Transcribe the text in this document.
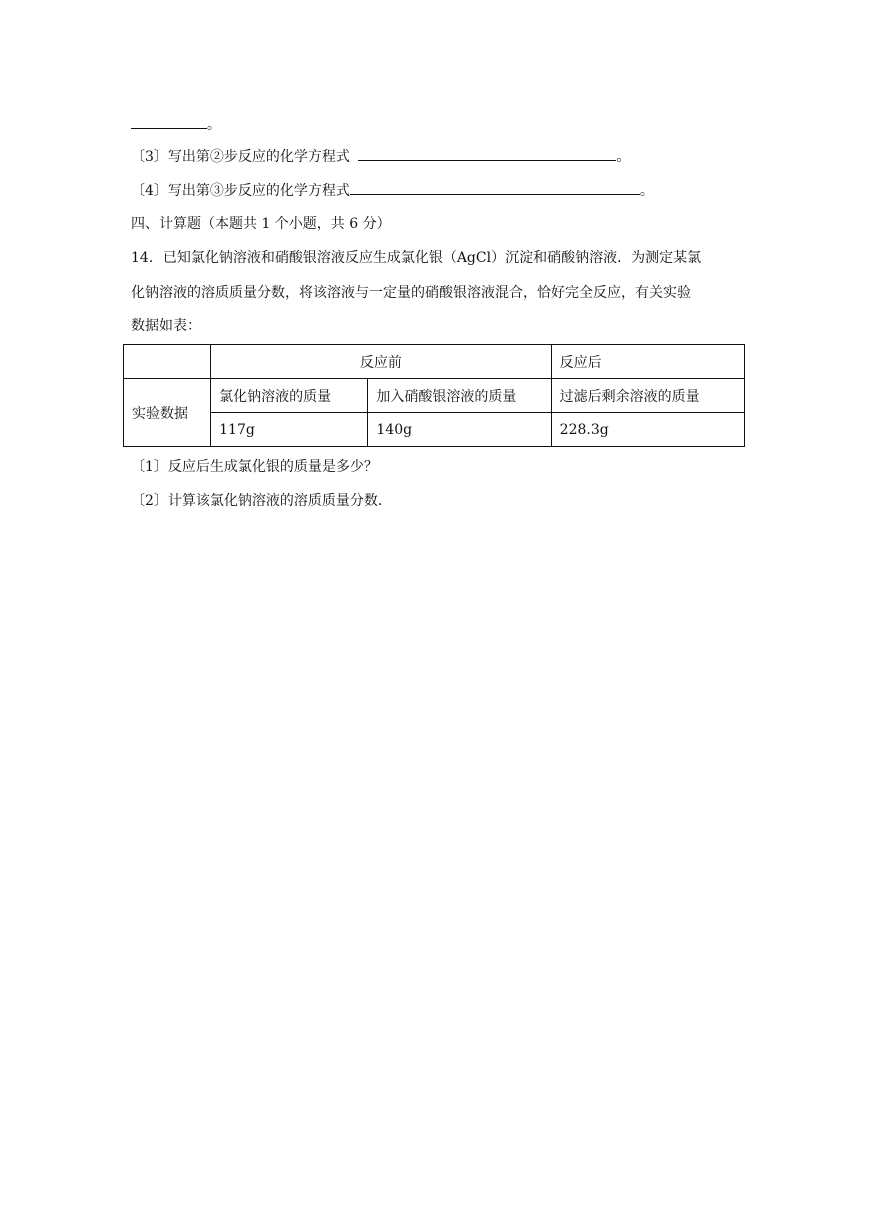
。
〔3〕写出第②步反应的化学方程式	。
〔4〕写出第③步反应的化学方程式	。
四、计算题（本题共 1 个小题，共 6 分）
14．已知氯化钠溶液和硝酸银溶液反应生成氯化银（AgCl）沉淀和硝酸钠溶液．为测定某氯
化钠溶液的溶质质量分数，将该溶液与一定量的硝酸银溶液混合，恰好完全反应，有关实验
数据如表：
	反应前		反应后
实验数据	氯化钠溶液的质量	加入硝酸银溶液的质量	过滤后剩余溶液的质量
	117g	140g	228.3g
〔1〕反应后生成氯化银的质量是多少？
〔2〕计算该氯化钠溶液的溶质质量分数．
